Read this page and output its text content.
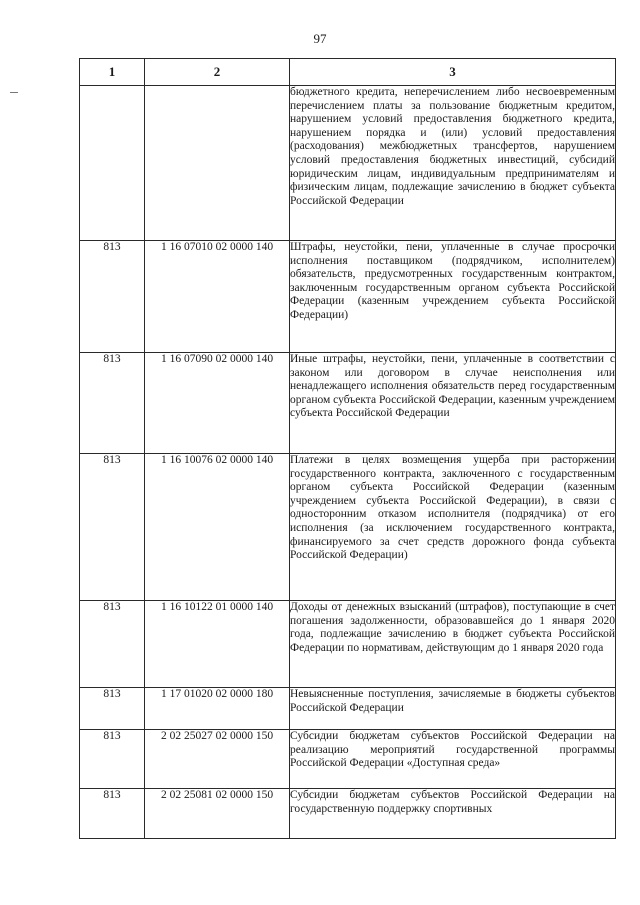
97
1	2	3

		бюджетного кредита, неперечислением либо несвоевременным перечислением платы за пользование бюджетным кредитом, нарушением условий предоставления бюджетного кредита, нарушением порядка и (или) условий предоставления (расходования) межбюджетных трансфертов, нарушением условий предоставления бюджетных инвестиций, субсидий юридическим лицам, индивидуальным предпринимателям и физическим лицам, подлежащие зачислению в бюджет субъекта Российской Федерации

813	1 16 07010 02 0000 140	Штрафы, неустойки, пени, уплаченные в случае просрочки исполнения поставщиком (подрядчиком, исполнителем) обязательств, предусмотренных государственным контрактом, заключенным государственным органом субъекта Российской Федерации (казенным учреждением субъекта Российской Федерации)

813	1 16 07090 02 0000 140	Иные штрафы, неустойки, пени, уплаченные в соответствии с законом или договором в случае неисполнения или ненадлежащего исполнения обязательств перед государственным органом субъекта Российской Федерации, казенным учреждением субъекта Российской Федерации

813	1 16 10076 02 0000 140	Платежи в целях возмещения ущерба при расторжении государственного контракта, заключенного с государственным органом субъекта Российской Федерации (казенным учреждением субъекта Российской Федерации), в связи с односторонним отказом исполнителя (подрядчика) от его исполнения (за исключением государственного контракта, финансируемого за счет средств дорожного фонда субъекта Российской Федерации)

813	1 16 10122 01 0000 140	Доходы от денежных взысканий (штрафов), поступающие в счет погашения задолженности, образовавшейся до 1 января 2020 года, подлежащие зачислению в бюджет субъекта Российской Федерации по нормативам, действующим до 1 января 2020 года

813	1 17 01020 02 0000 180	Невыясненные поступления, зачисляемые в бюджеты субъектов Российской Федерации

813	2 02 25027 02 0000 150	Субсидии бюджетам субъектов Российской Федерации на реализацию мероприятий государственной программы Российской Федерации «Доступная среда»

813	2 02 25081 02 0000 150	Субсидии бюджетам субъектов Российской Федерации на государственную поддержку спортивных
